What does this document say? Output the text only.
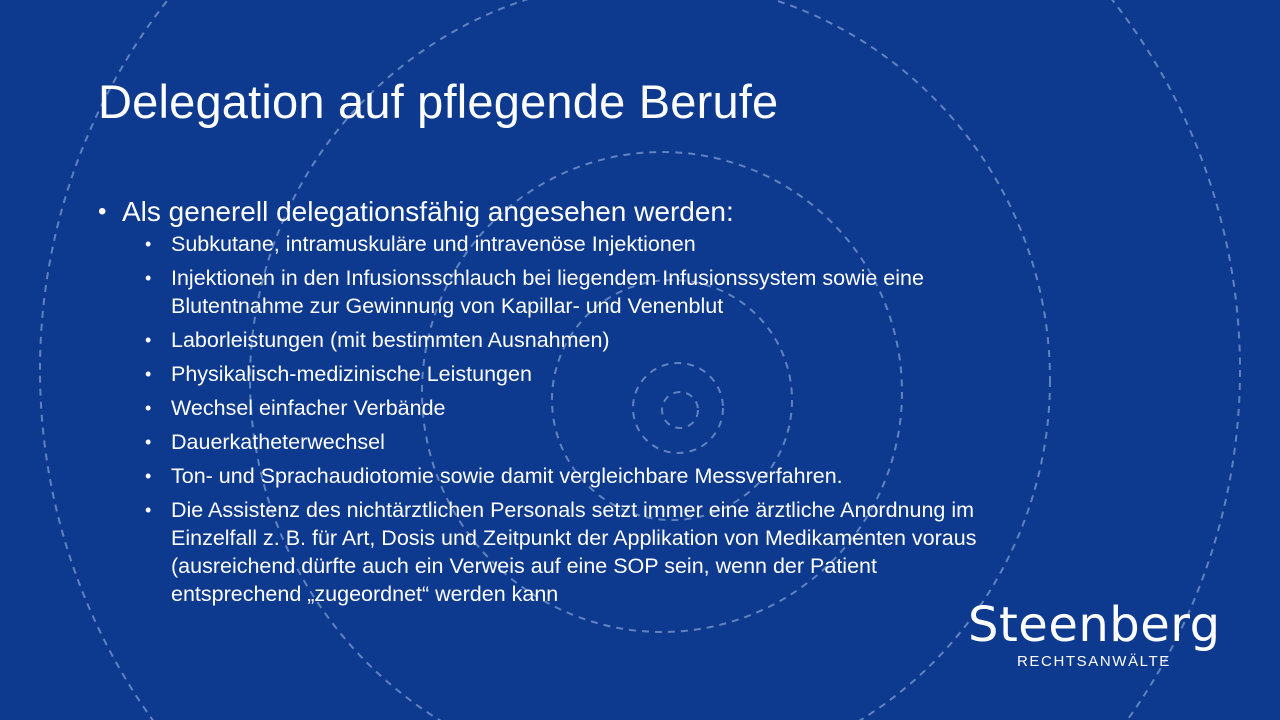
Delegation auf pflegende Berufe
• Als generell delegationsfähig angesehen werden:
• Subkutane, intramuskuläre und intravenöse Injektionen
• Injektionen in den Infusionsschlauch bei liegendem Infusionssystem sowie eine
Blutentnahme zur Gewinnung von Kapillar- und Venenblut
• Laborleistungen (mit bestimmten Ausnahmen)
• Physikalisch-medizinische Leistungen
• Wechsel einfacher Verbände
• Dauerkatheterwechsel
• Ton- und Sprachaudiotomie sowie damit vergleichbare Messverfahren.
• Die Assistenz des nichtärztlichen Personals setzt immer eine ärztliche Anordnung im
Einzelfall z. B. für Art, Dosis und Zeitpunkt der Applikation von Medikamenten voraus
(ausreichend dürfte auch ein Verweis auf eine SOP sein, wenn der Patient
entsprechend „zugeordnet“ werden kann
Steenberg
RECHTSANWÄLTE
